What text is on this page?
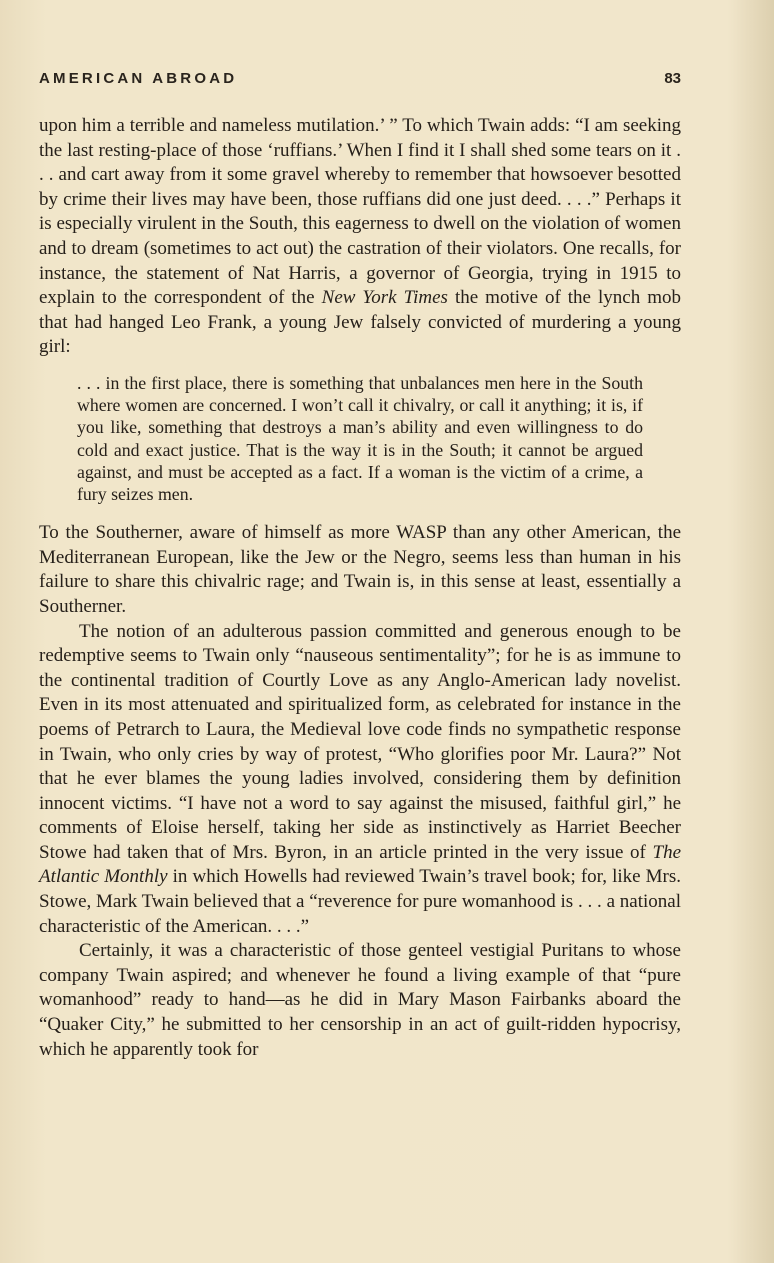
AMERICAN ABROAD	83

upon him a terrible and nameless mutilation.’ ” To which Twain adds: “I am seeking the last resting-place of those ‘ruffians.’ When I find it I shall shed some tears on it . . . and cart away from it some gravel whereby to remember that howsoever besotted by crime their lives may have been, those ruffians did one just deed. . . .” Perhaps it is especially virulent in the South, this eagerness to dwell on the violation of women and to dream (sometimes to act out) the castration of their violators. One recalls, for instance, the statement of Nat Harris, a governor of Georgia, trying in 1915 to explain to the correspondent of the New York Times the motive of the lynch mob that had hanged Leo Frank, a young Jew falsely convicted of murdering a young girl:

. . . in the first place, there is something that unbalances men here in the South where women are concerned. I won’t call it chivalry, or call it anything; it is, if you like, something that destroys a man’s ability and even willingness to do cold and exact justice. That is the way it is in the South; it cannot be argued against, and must be accepted as a fact. If a woman is the victim of a crime, a fury seizes men.

To the Southerner, aware of himself as more WASP than any other American, the Mediterranean European, like the Jew or the Negro, seems less than human in his failure to share this chivalric rage; and Twain is, in this sense at least, essentially a Southerner.

The notion of an adulterous passion committed and generous enough to be redemptive seems to Twain only “nauseous sentimentality”; for he is as immune to the continental tradition of Courtly Love as any Anglo-American lady novelist. Even in its most attenuated and spiritualized form, as celebrated for instance in the poems of Petrarch to Laura, the Medieval love code finds no sympathetic response in Twain, who only cries by way of protest, “Who glorifies poor Mr. Laura?” Not that he ever blames the young ladies involved, considering them by definition innocent victims. “I have not a word to say against the misused, faithful girl,” he comments of Eloise herself, taking her side as instinctively as Harriet Beecher Stowe had taken that of Mrs. Byron, in an article printed in the very issue of The Atlantic Monthly in which Howells had reviewed Twain’s travel book; for, like Mrs. Stowe, Mark Twain believed that a “reverence for pure womanhood is . . . a national characteristic of the American. . . .”

Certainly, it was a characteristic of those genteel vestigial Puritans to whose company Twain aspired; and whenever he found a living example of that “pure womanhood” ready to hand—as he did in Mary Mason Fairbanks aboard the “Quaker City,” he submitted to her censorship in an act of guilt-ridden hypocrisy, which he apparently took for
